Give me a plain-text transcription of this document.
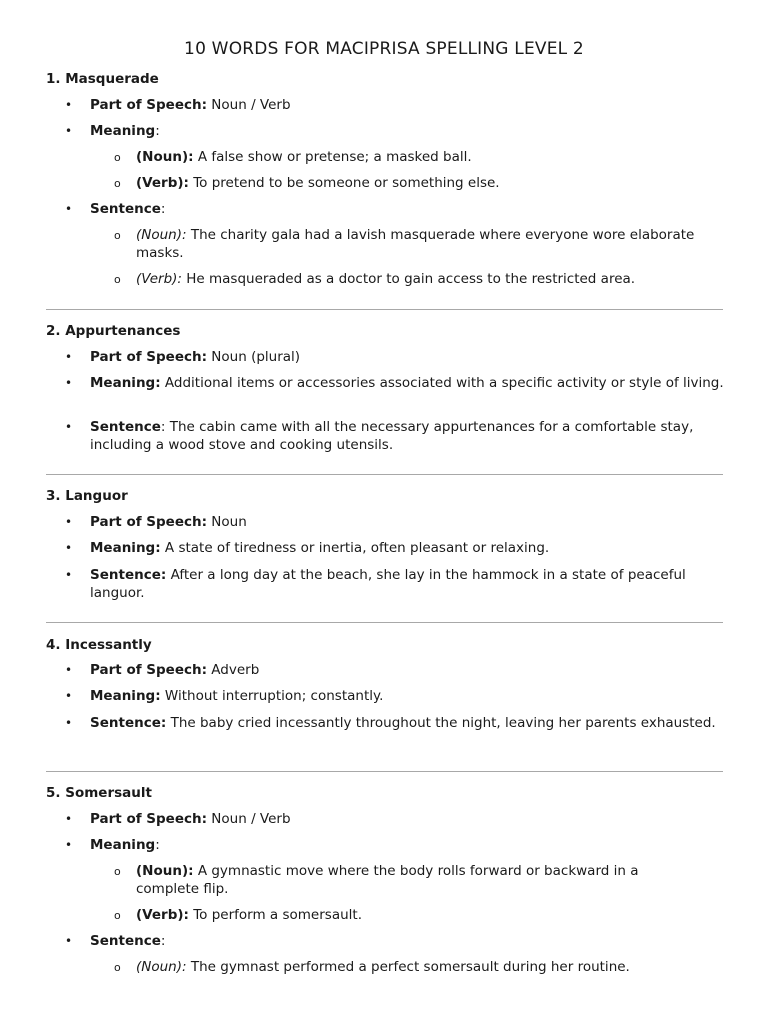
10 WORDS FOR MACIPRISA SPELLING LEVEL 2
1. Masquerade
• Part of Speech: Noun / Verb
• Meaning:
o (Noun): A false show or pretense; a masked ball.
o (Verb): To pretend to be someone or something else.
• Sentence:
o (Noun): The charity gala had a lavish masquerade where everyone wore elaborate masks.
o (Verb): He masqueraded as a doctor to gain access to the restricted area.
2. Appurtenances
• Part of Speech: Noun (plural)
• Meaning: Additional items or accessories associated with a specific activity or style of living.
• Sentence: The cabin came with all the necessary appurtenances for a comfortable stay, including a wood stove and cooking utensils.
3. Languor
• Part of Speech: Noun
• Meaning: A state of tiredness or inertia, often pleasant or relaxing.
• Sentence: After a long day at the beach, she lay in the hammock in a state of peaceful languor.
4. Incessantly
• Part of Speech: Adverb
• Meaning: Without interruption; constantly.
• Sentence: The baby cried incessantly throughout the night, leaving her parents exhausted.
5. Somersault
• Part of Speech: Noun / Verb
• Meaning:
o (Noun): A gymnastic move where the body rolls forward or backward in a complete flip.
o (Verb): To perform a somersault.
• Sentence:
o (Noun): The gymnast performed a perfect somersault during her routine.
